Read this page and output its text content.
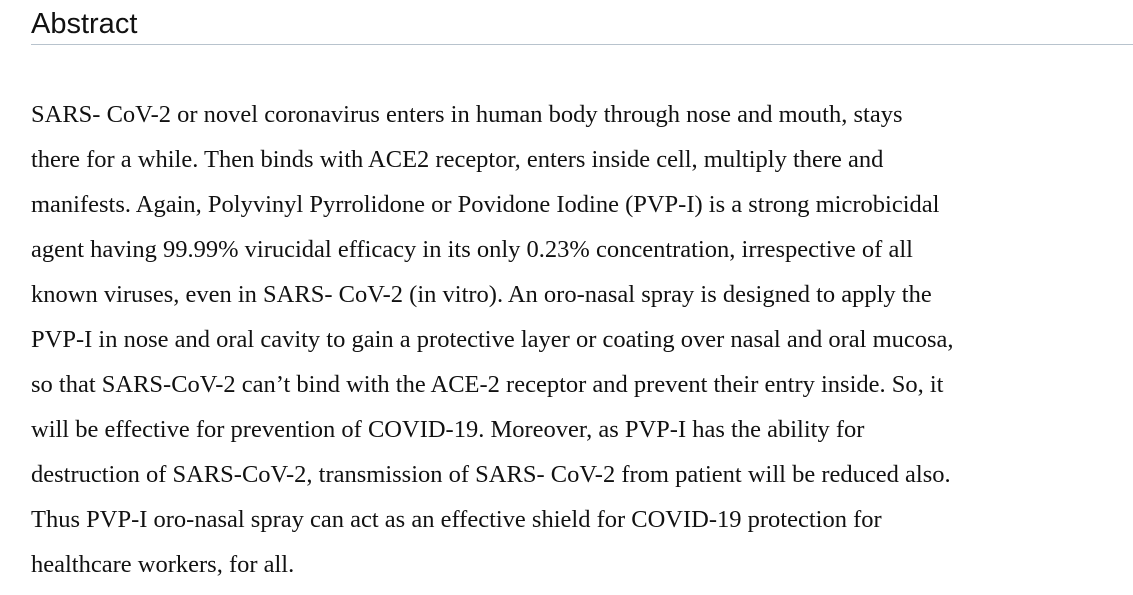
Abstract

SARS- CoV-2 or novel coronavirus enters in human body through nose and mouth, stays
there for a while. Then binds with ACE2 receptor, enters inside cell, multiply there and
manifests. Again, Polyvinyl Pyrrolidone or Povidone Iodine (PVP-I) is a strong microbicidal
agent having 99.99% virucidal efficacy in its only 0.23% concentration, irrespective of all
known viruses, even in SARS- CoV-2 (in vitro). An oro-nasal spray is designed to apply the
PVP-I in nose and oral cavity to gain a protective layer or coating over nasal and oral mucosa,
so that SARS-CoV-2 can’t bind with the ACE-2 receptor and prevent their entry inside. So, it
will be effective for prevention of COVID-19. Moreover, as PVP-I has the ability for
destruction of SARS-CoV-2, transmission of SARS- CoV-2 from patient will be reduced also.
Thus PVP-I oro-nasal spray can act as an effective shield for COVID-19 protection for
healthcare workers, for all.
